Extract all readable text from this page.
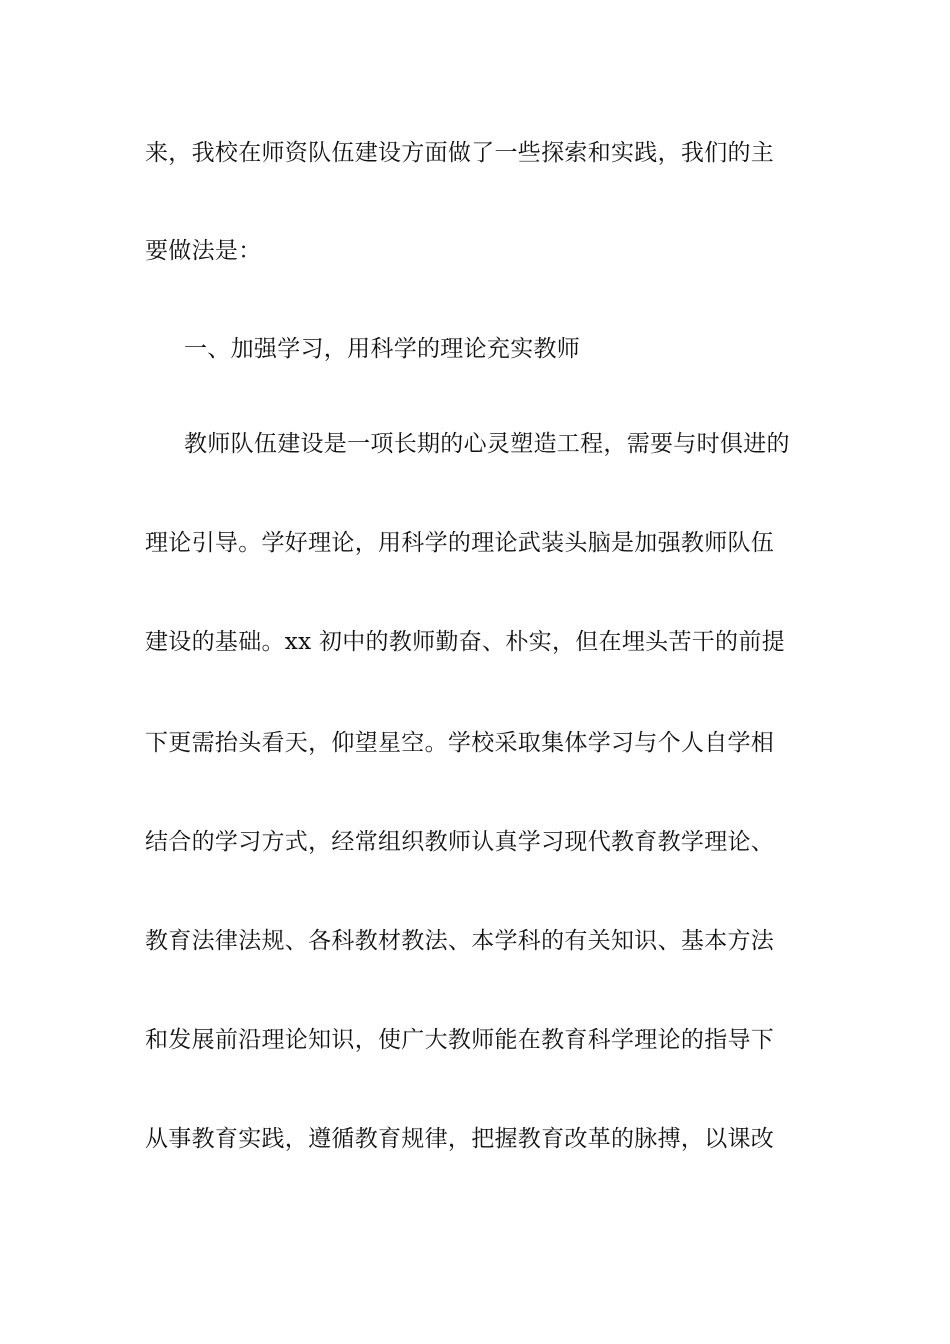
来，我校在师资队伍建设方面做了一些探索和实践，我们的主
要做法是：
一、加强学习，用科学的理论充实教师
教师队伍建设是一项长期的心灵塑造工程，需要与时俱进的
理论引导。学好理论，用科学的理论武装头脑是加强教师队伍
建设的基础。xx 初中的教师勤奋、朴实，但在埋头苦干的前提
下更需抬头看天，仰望星空。学校采取集体学习与个人自学相
结合的学习方式，经常组织教师认真学习现代教育教学理论、
教育法律法规、各科教材教法、本学科的有关知识、基本方法
和发展前沿理论知识，使广大教师能在教育科学理论的指导下
从事教育实践，遵循教育规律，把握教育改革的脉搏，以课改
